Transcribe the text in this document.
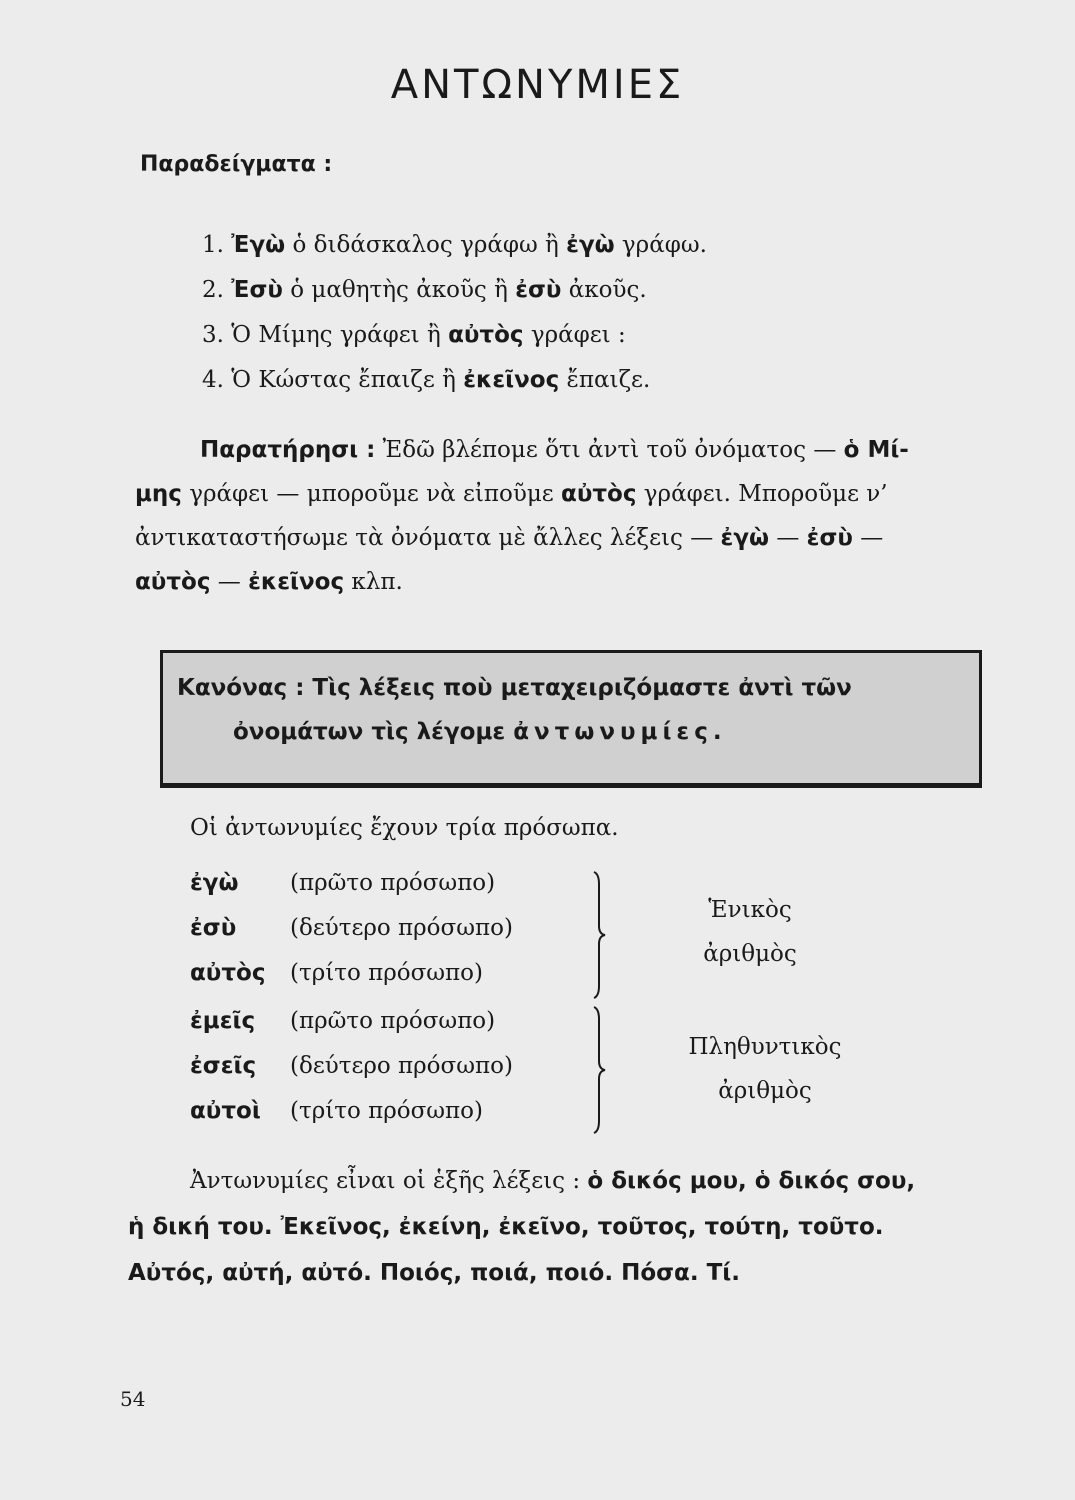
ΑΝΤΩΝΥΜΙΕΣ
Παραδείγματα :
1. Ἐγὼ ὁ διδάσκαλος γράφω ἢ ἐγὼ γράφω.
2. Ἐσὺ ὁ μαθητὴς ἀκοῦς ἢ ἐσὺ ἀκοῦς.
3. Ὁ Μίμης γράφει ἢ αὐτὸς γράφει :
4. Ὁ Κώστας ἔπαιζε ἢ ἐκεῖνος ἔπαιζε.
Παρατήρησι : Ἐδῶ βλέπομε ὅτι ἀντὶ τοῦ ὀνόματος — ὁ Μί-
μης γράφει — μποροῦμε νὰ εἰποῦμε αὐτὸς γράφει. Μποροῦμε ν’
ἀντικαταστήσωμε τὰ ὀνόματα μὲ ἄλλες λέξεις — ἐγὼ — ἐσὺ —
αὐτὸς — ἐκεῖνος κλπ.
Κανόνας : Τὶς λέξεις ποὺ μεταχειριζόμαστε ἀντὶ τῶν
ὀνομάτων τὶς λέγομε ἀντωνυμίες.
Οἱ ἀντωνυμίες ἔχουν τρία πρόσωπα.
ἐγὼ (πρῶτο πρόσωπο)
ἐσὺ (δεύτερο πρόσωπο)
αὐτὸς (τρίτο πρόσωπο)
Ἑνικὸς
ἀριθμὸς
ἐμεῖς (πρῶτο πρόσωπο)
ἐσεῖς (δεύτερο πρόσωπο)
αὐτοὶ (τρίτο πρόσωπο)
Πληθυντικὸς
ἀριθμὸς
Ἀντωνυμίες εἶναι οἱ ἑξῆς λέξεις : ὁ δικός μου, ὁ δικός σου,
ἡ δική του. Ἐκεῖνος, ἐκείνη, ἐκεῖνο, τοῦτος, τούτη, τοῦτο.
Αὐτός, αὐτή, αὐτό. Ποιός, ποιά, ποιό. Πόσα. Τί.
54
